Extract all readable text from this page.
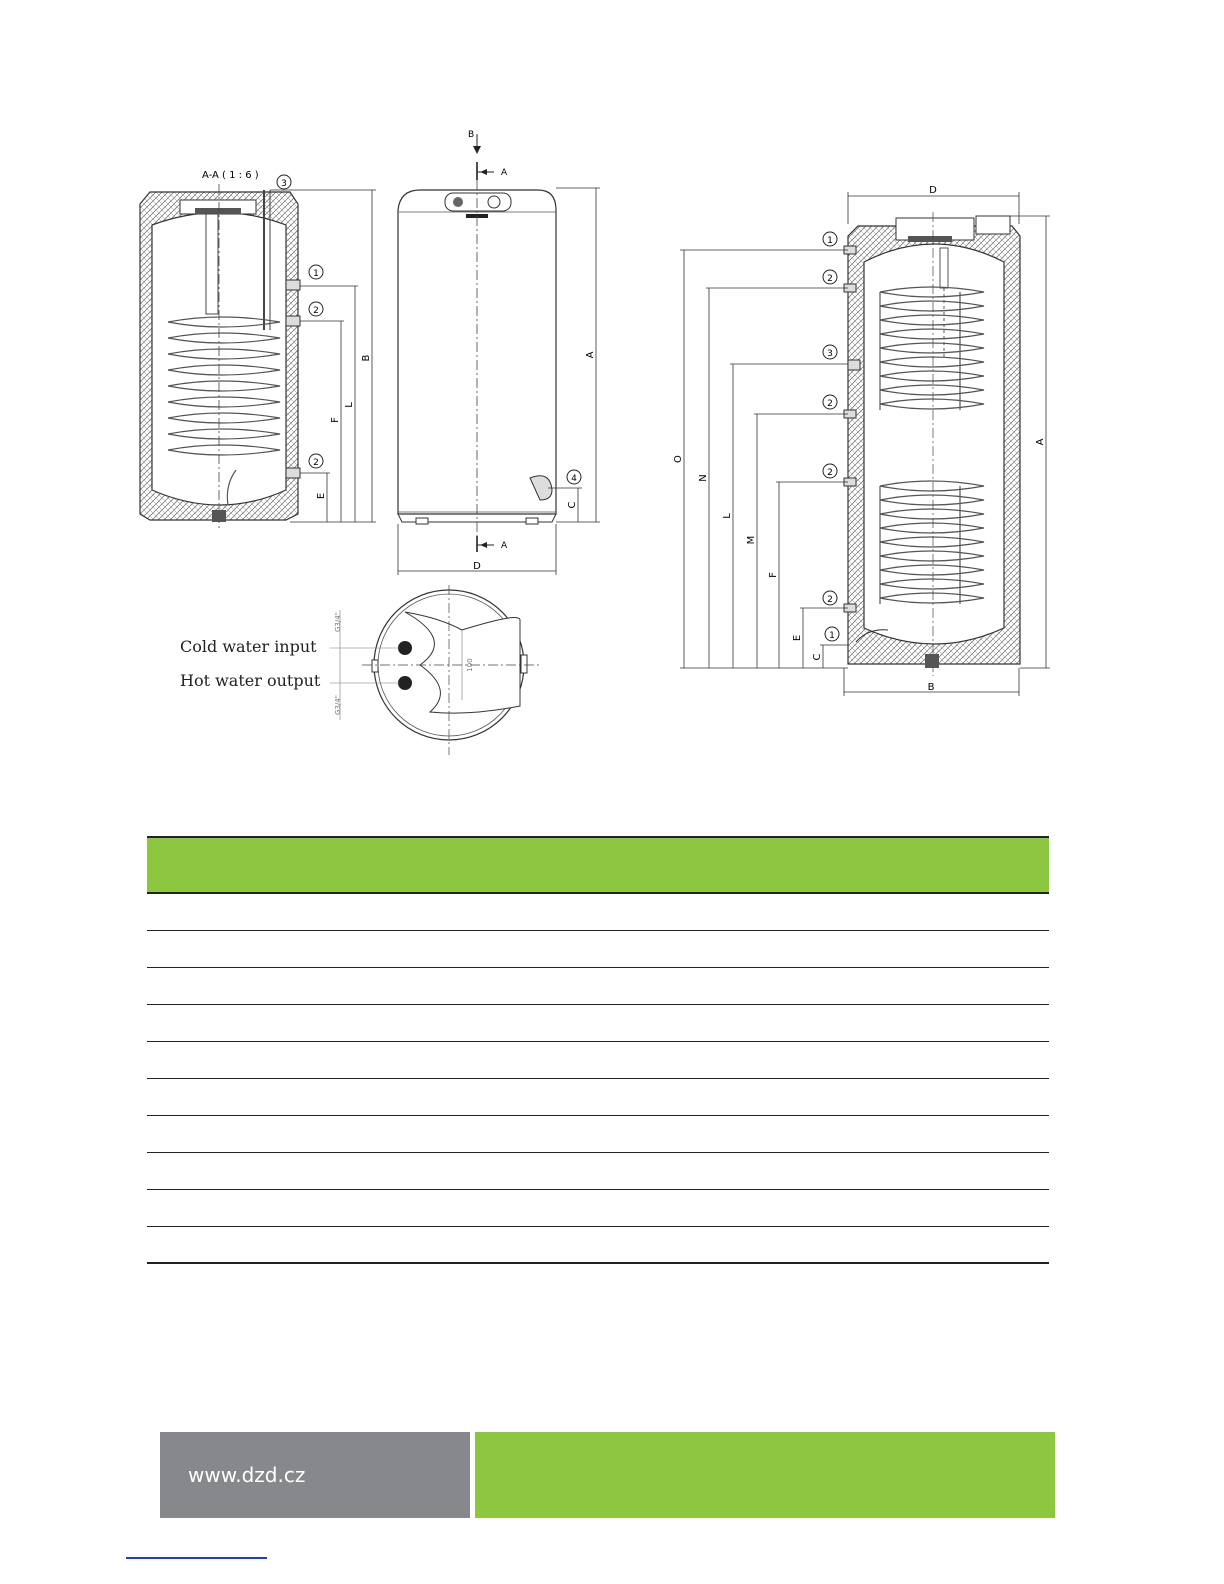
A-A ( 1 : 6 )
3
1
2
2
B
L
F
E
B
A
4
A
A
C
D
Cold water input
Hot water output
G3/4"
G3/4"
100
D
1
2
3
2
2
2
1
O
N
L
M
F
E
C
A
B

www.dzd.cz
